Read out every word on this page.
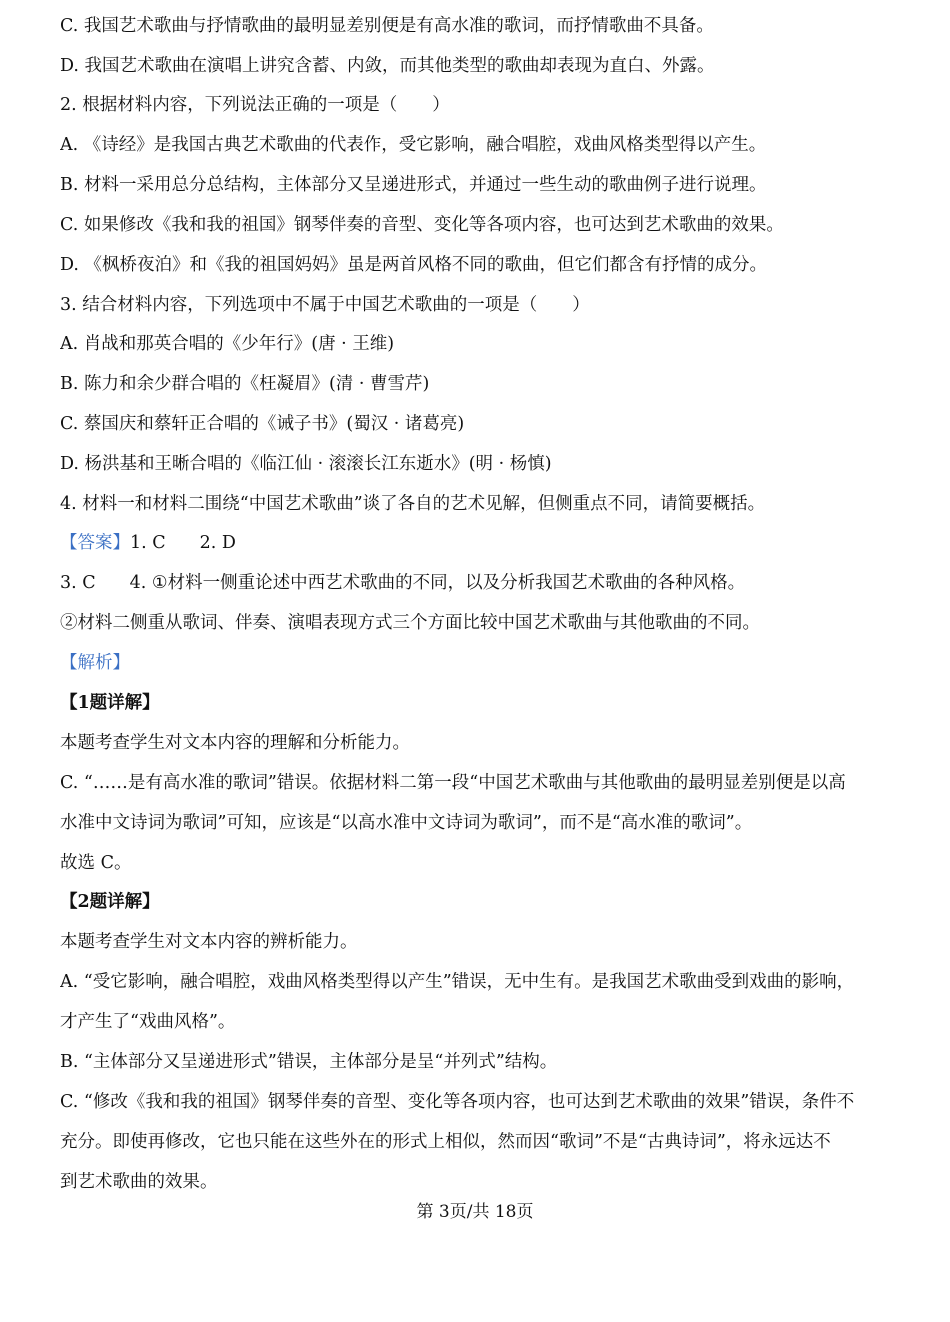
C. 我国艺术歌曲与抒情歌曲的最明显差别便是有高水准的歌词，而抒情歌曲不具备。
D. 我国艺术歌曲在演唱上讲究含蓄、内敛，而其他类型的歌曲却表现为直白、外露。
2. 根据材料内容，下列说法正确的一项是（　　）
A. 《诗经》是我国古典艺术歌曲的代表作，受它影响，融合唱腔，戏曲风格类型得以产生。
B. 材料一采用总分总结构，主体部分又呈递进形式，并通过一些生动的歌曲例子进行说理。
C. 如果修改《我和我的祖国》钢琴伴奏的音型、变化等各项内容，也可达到艺术歌曲的效果。
D. 《枫桥夜泊》和《我的祖国妈妈》虽是两首风格不同的歌曲，但它们都含有抒情的成分。
3. 结合材料内容，下列选项中不属于中国艺术歌曲的一项是（　　）
A. 肖战和那英合唱的《少年行》(唐 · 王维)
B. 陈力和余少群合唱的《枉凝眉》(清 · 曹雪芹)
C. 蔡国庆和蔡轩正合唱的《诫子书》(蜀汉 · 诸葛亮)
D. 杨洪基和王晰合唱的《临江仙 · 滚滚长江东逝水》(明 · 杨慎)
4. 材料一和材料二围绕“中国艺术歌曲”谈了各自的艺术见解，但侧重点不同，请简要概括。
【答案】1. C 2. D
3. C 4. ①材料一侧重论述中西艺术歌曲的不同，以及分析我国艺术歌曲的各种风格。
②材料二侧重从歌词、伴奏、演唱表现方式三个方面比较中国艺术歌曲与其他歌曲的不同。
【解析】
【1题详解】
本题考查学生对文本内容的理解和分析能力。
C. “……是有高水准的歌词”错误。依据材料二第一段“中国艺术歌曲与其他歌曲的最明显差别便是以高
水准中文诗词为歌词”可知，应该是“以高水准中文诗词为歌词”，而不是“高水准的歌词”。
故选 C。
【2题详解】
本题考查学生对文本内容的辨析能力。
A. “受它影响，融合唱腔，戏曲风格类型得以产生”错误，无中生有。是我国艺术歌曲受到戏曲的影响，
才产生了“戏曲风格”。
B. “主体部分又呈递进形式”错误，主体部分是呈“并列式”结构。
C. “修改《我和我的祖国》钢琴伴奏的音型、变化等各项内容，也可达到艺术歌曲的效果”错误，条件不
充分。即使再修改，它也只能在这些外在的形式上相似，然而因“歌词”不是“古典诗词”，将永远达不
到艺术歌曲的效果。
第 3页/共 18页
